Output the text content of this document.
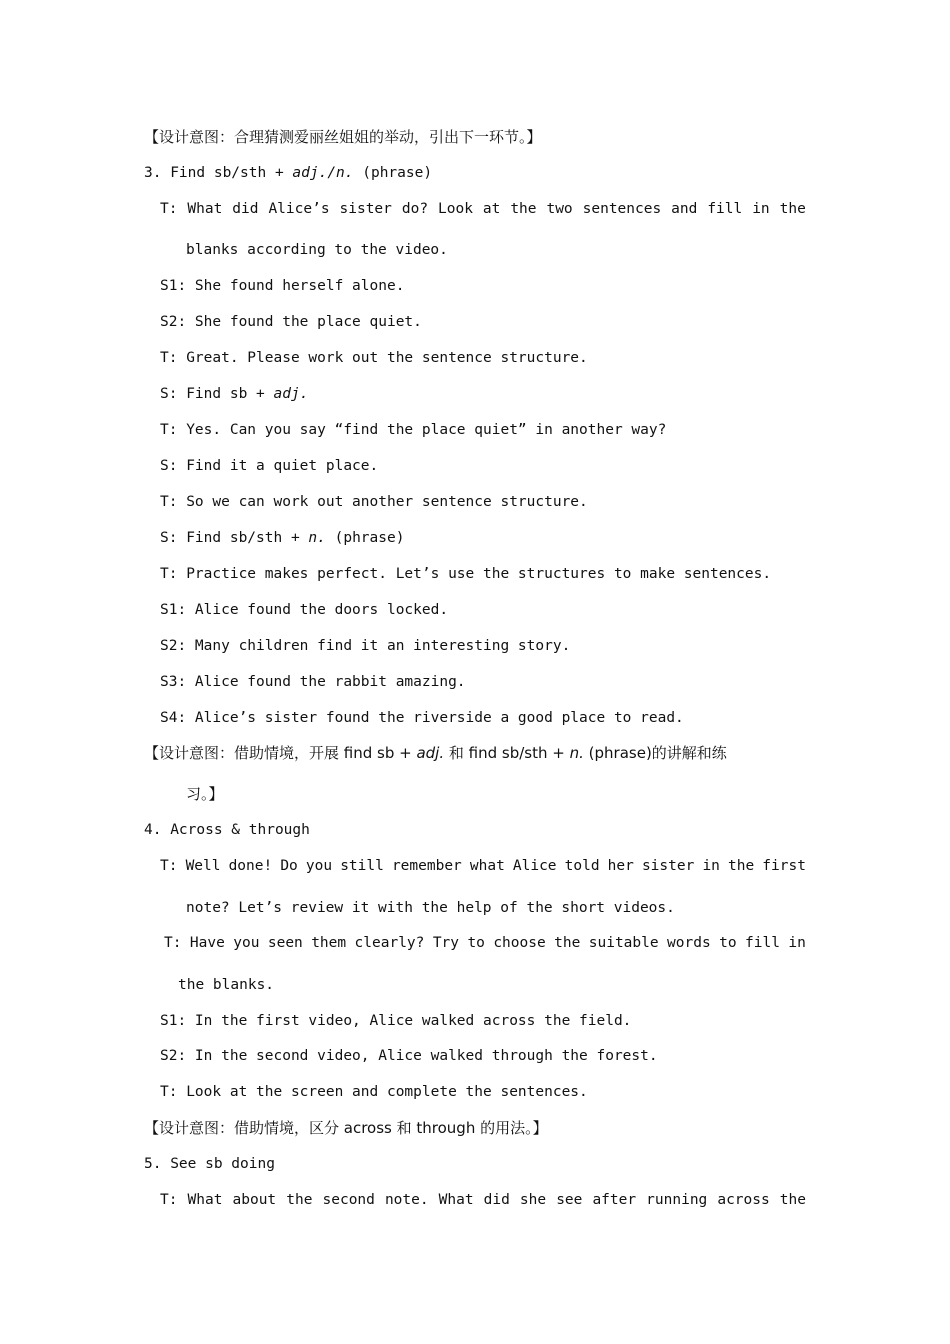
【设计意图：合理猜测爱丽丝姐姐的举动，引出下一环节。】
3. Find sb/sth + adj./n. (phrase)
T: What did Alice’s sister do? Look at the two sentences and fill in the
blanks according to the video.
S1: She found herself alone.
S2: She found the place quiet.
T: Great. Please work out the sentence structure.
S: Find sb + adj.
T: Yes. Can you say “find the place quiet” in another way?
S: Find it a quiet place.
T: So we can work out another sentence structure.
S: Find sb/sth + n. (phrase)
T: Practice makes perfect. Let’s use the structures to make sentences.
S1: Alice found the doors locked.
S2: Many children find it an interesting story.
S3: Alice found the rabbit amazing.
S4: Alice’s sister found the riverside a good place to read.
【设计意图：借助情境，开展 find sb + adj. 和 find sb/sth + n. (phrase)的讲解和练
习。】
4. Across & through
T: Well done! Do you still remember what Alice told her sister in the first
note? Let’s review it with the help of the short videos.
T: Have you seen them clearly? Try to choose the suitable words to fill in
the blanks.
S1: In the first video, Alice walked across the field.
S2: In the second video, Alice walked through the forest.
T: Look at the screen and complete the sentences.
【设计意图：借助情境，区分 across 和 through 的用法。】
5. See sb doing
T: What about the second note. What did she see after running across the
